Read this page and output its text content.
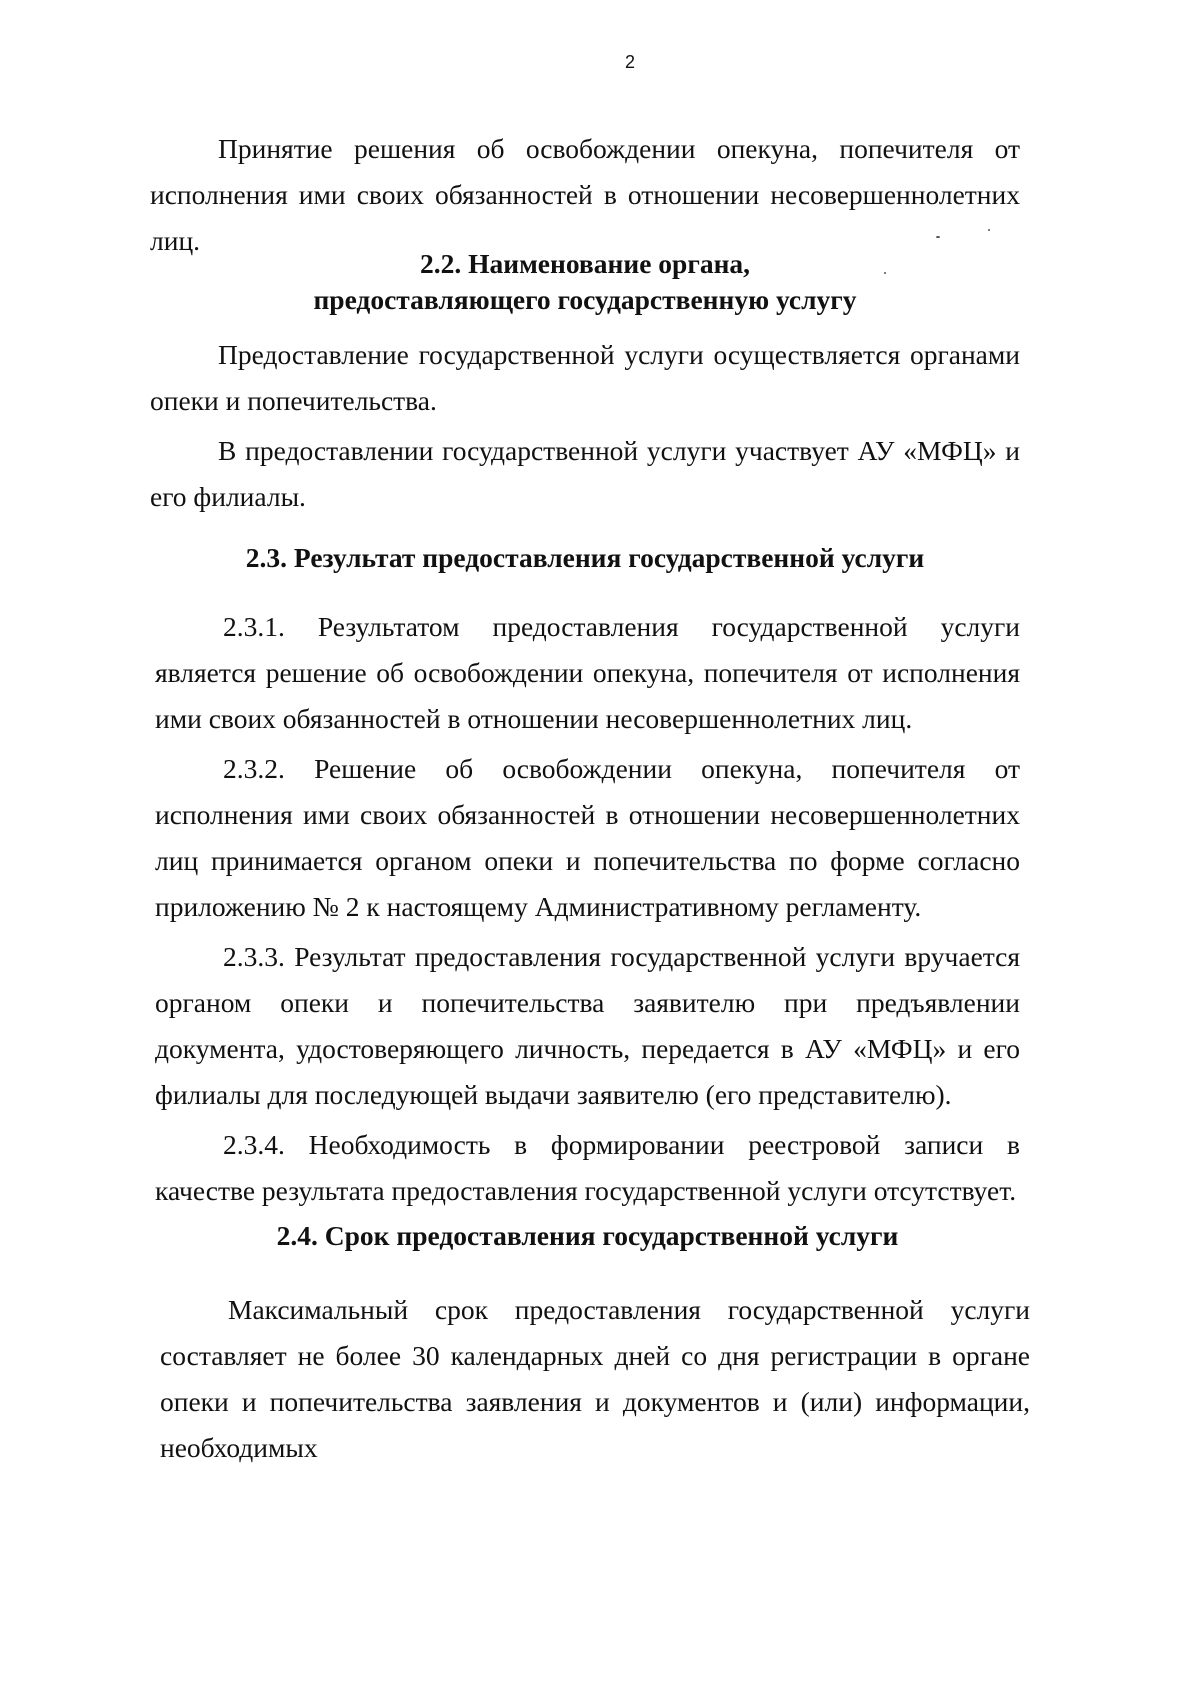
2

Принятие решения об освобождении опекуна, попечителя от исполнения ими своих обязанностей в отношении несовершеннолетних лиц.

2.2. Наименование органа,
предоставляющего государственную услугу

Предоставление государственной услуги осуществляется органами опеки и попечительства.

В предоставлении государственной услуги участвует АУ «МФЦ» и его филиалы.

2.3. Результат предоставления государственной услуги

2.3.1. Результатом предоставления государственной услуги является решение об освобождении опекуна, попечителя от исполнения ими своих обязанностей в отношении несовершеннолетних лиц.

2.3.2. Решение об освобождении опекуна, попечителя от исполнения ими своих обязанностей в отношении несовершеннолетних лиц принимается органом опеки и попечительства по форме согласно приложению № 2 к настоящему Административному регламенту.

2.3.3. Результат предоставления государственной услуги вручается органом опеки и попечительства заявителю при предъявлении документа, удостоверяющего личность, передается в АУ «МФЦ» и его филиалы для последующей выдачи заявителю (его представителю).

2.3.4. Необходимость в формировании реестровой записи в качестве результата предоставления государственной услуги отсутствует.

2.4. Срок предоставления государственной услуги

Максимальный срок предоставления государственной услуги составляет не более 30 календарных дней со дня регистрации в органе опеки и попечительства заявления и документов и (или) информации, необходимых
